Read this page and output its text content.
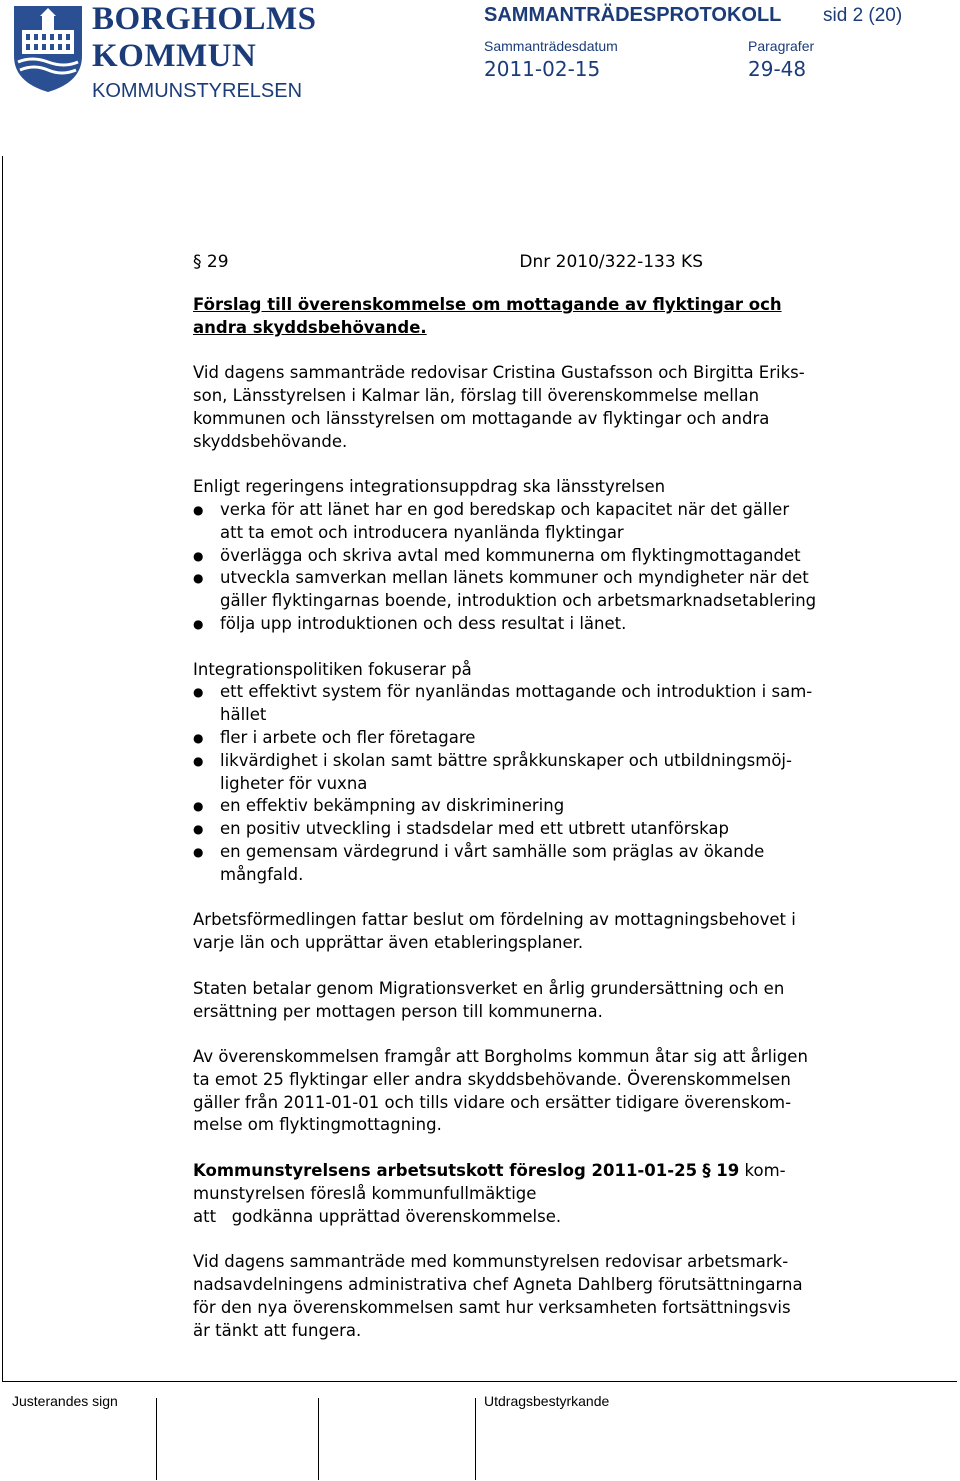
BORGHOLMS
KOMMUN
KOMMUNSTYRELSEN
SAMMANTRÄDESPROTOKOLL sid 2 (20)
Sammanträdesdatum	Paragrafer
2011-02-15	29-48
§ 29	Dnr 2010/322-133 KS
Förslag till överenskommelse om mottagande av flyktingar och
andra skyddsbehövande.

Vid dagens sammanträde redovisar Cristina Gustafsson och Birgitta Eriks-
son, Länsstyrelsen i Kalmar län, förslag till överenskommelse mellan
kommunen och länsstyrelsen om mottagande av flyktingar och andra
skyddsbehövande.

Enligt regeringens integrationsuppdrag ska länsstyrelsen
● verka för att länet har en god beredskap och kapacitet när det gäller
att ta emot och introducera nyanlända flyktingar
● överlägga och skriva avtal med kommunerna om flyktingmottagandet
● utveckla samverkan mellan länets kommuner och myndigheter när det
gäller flyktingarnas boende, introduktion och arbetsmarknadsetablering
● följa upp introduktionen och dess resultat i länet.
Integrationspolitiken fokuserar på
● ett effektivt system för nyanländas mottagande och introduktion i sam-
hället
● fler i arbete och fler företagare
● likvärdighet i skolan samt bättre språkkunskaper och utbildningsmöj-
ligheter för vuxna
● en effektiv bekämpning av diskriminering
● en positiv utveckling i stadsdelar med ett utbrett utanförskap
● en gemensam värdegrund i vårt samhälle som präglas av ökande
mångfald.

Arbetsförmedlingen fattar beslut om fördelning av mottagningsbehovet i
varje län och upprättar även etableringsplaner.

Staten betalar genom Migrationsverket en årlig grundersättning och en
ersättning per mottagen person till kommunerna.

Av överenskommelsen framgår att Borgholms kommun åtar sig att årligen
ta emot 25 flyktingar eller andra skyddsbehövande. Överenskommelsen
gäller från 2011-01-01 och tills vidare och ersätter tidigare överenskom-
melse om flyktingmottagning.

Kommunstyrelsens arbetsutskott föreslog 2011-01-25 § 19 kom-
munstyrelsen föreslå kommunfullmäktige
att   godkänna upprättad överenskommelse.

Vid dagens sammanträde med kommunstyrelsen redovisar arbetsmark-
nadsavdelningens administrativa chef Agneta Dahlberg förutsättningarna
för den nya överenskommelsen samt hur verksamheten fortsättningsvis
är tänkt att fungera.

Justerandes sign	Utdragsbestyrkande
